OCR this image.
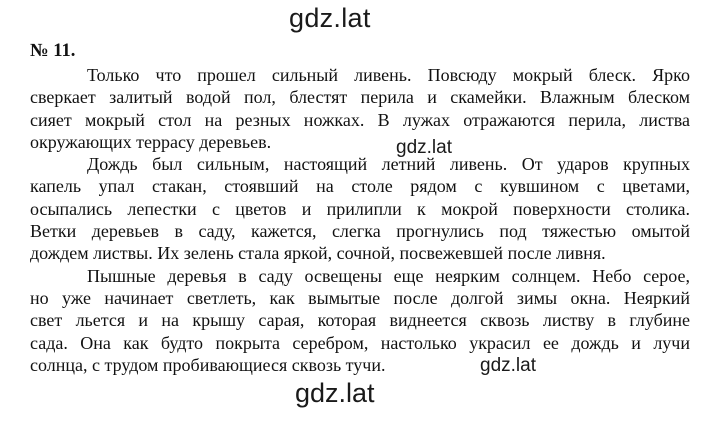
gdz.lat
gdz.lat
gdz.lat
gdz.lat
№ 11.
Только что прошел сильный ливень. Повсюду мокрый блеск. Ярко
сверкает залитый водой пол, блестят перила и скамейки. Влажным блеском
сияет мокрый стол на резных ножках. В лужах отражаются перила, листва
окружающих террасу деревьев.
Дождь был сильным, настоящий летний ливень. От ударов крупных
капель упал стакан, стоявший на столе рядом с кувшином с цветами,
осыпались лепестки с цветов и прилипли к мокрой поверхности столика.
Ветки деревьев в саду, кажется, слегка прогнулись под тяжестью омытой
дождем листвы. Их зелень стала яркой, сочной, посвежевшей после ливня.
Пышные деревья в саду освещены еще неярким солнцем. Небо серое,
но уже начинает светлеть, как вымытые после долгой зимы окна. Неяркий
свет льется и на крышу сарая, которая виднеется сквозь листву в глубине
сада. Она как будто покрыта серебром, настолько украсил ее дождь и лучи
солнца, с трудом пробивающиеся сквозь тучи.
